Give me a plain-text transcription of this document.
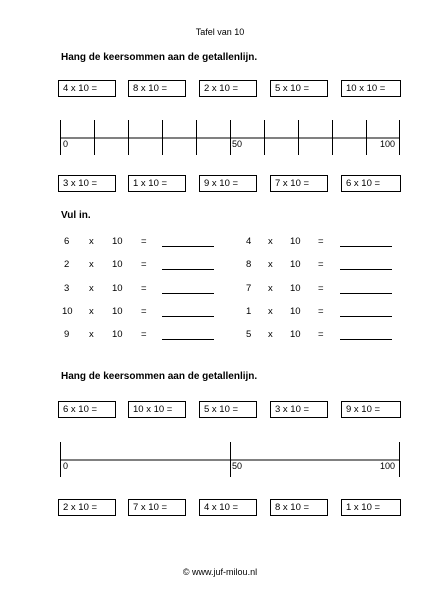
Tafel van 10
Hang de keersommen aan de getallenlijn.
4 x 10 =	8 x 10 =	2 x 10 =	5 x 10 =	10 x 10 =
0	50	100
3 x 10 =	1 x 10 =	9 x 10 =	7 x 10 =	6 x 10 =
Vul in.
6 x 10 =
2 x 10 =
3 x 10 =
10 x 10 =
9 x 10 =
4 x 10 =
8 x 10 =
7 x 10 =
1 x 10 =
5 x 10 =
Hang de keersommen aan de getallenlijn.
6 x 10 =	10 x 10 =	5 x 10 =	3 x 10 =	9 x 10 =
0	50	100
2 x 10 =	7 x 10 =	4 x 10 =	8 x 10 =	1 x 10 =
© www.juf-milou.nl
